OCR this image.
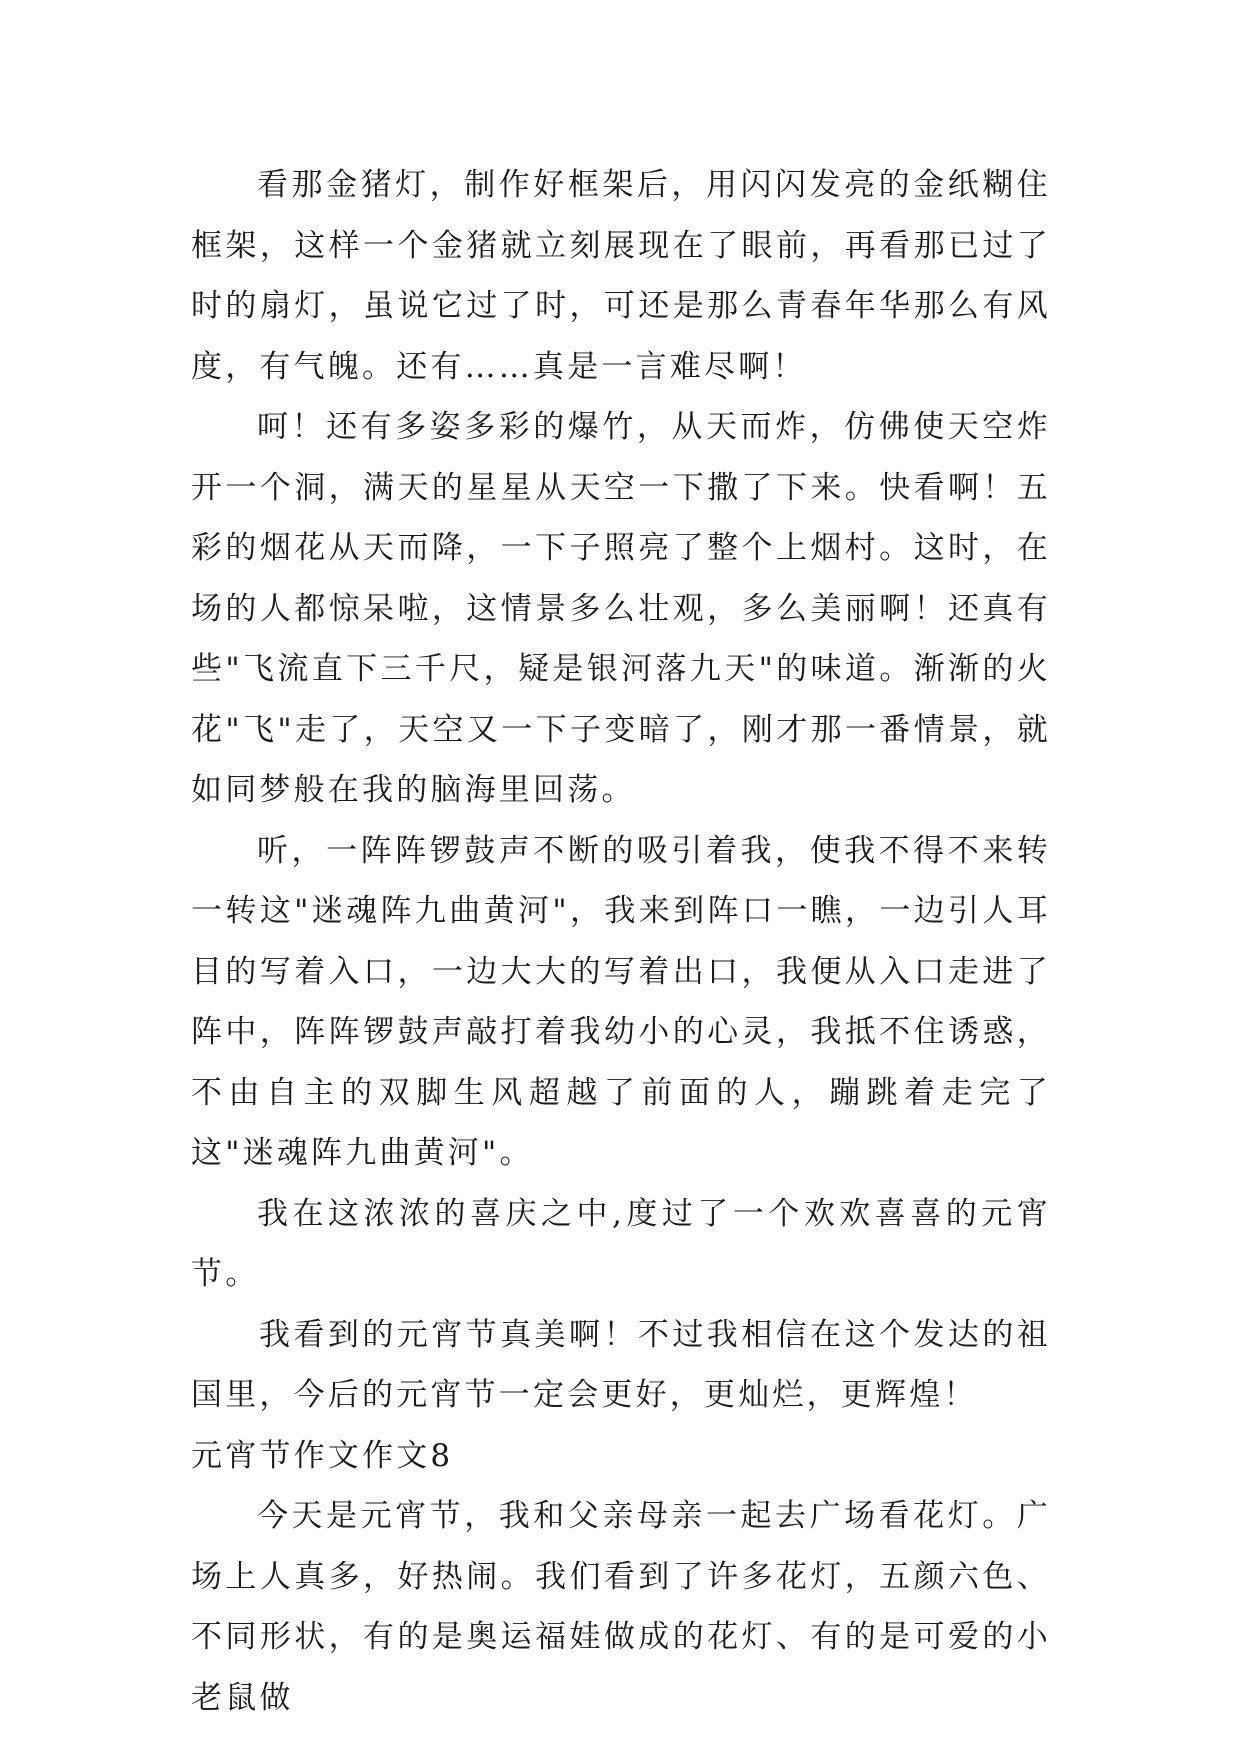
看那金猪灯，制作好框架后，用闪闪发亮的金纸糊住框架，这样一个金猪就立刻展现在了眼前，再看那已过了时的扇灯，虽说它过了时，可还是那么青春年华那么有风度，有气魄。还有……真是一言难尽啊！

呵！还有多姿多彩的爆竹，从天而炸，仿佛使天空炸开一个洞，满天的星星从天空一下撒了下来。快看啊！五彩的烟花从天而降，一下子照亮了整个上烟村。这时，在场的人都惊呆啦，这情景多么壮观，多么美丽啊！还真有些"飞流直下三千尺，疑是银河落九天"的味道。渐渐的火花"飞"走了，天空又一下子变暗了，刚才那一番情景，就如同梦般在我的脑海里回荡。

听，一阵阵锣鼓声不断的吸引着我，使我不得不来转一转这"迷魂阵九曲黄河"，我来到阵口一瞧，一边引人耳目的写着入口，一边大大的写着出口，我便从入口走进了阵中，阵阵锣鼓声敲打着我幼小的心灵，我抵不住诱惑，不由自主的双脚生风超越了前面的人，蹦跳着走完了这"迷魂阵九曲黄河"。

我在这浓浓的喜庆之中,度过了一个欢欢喜喜的元宵节。

我看到的元宵节真美啊！不过我相信在这个发达的祖国里，今后的元宵节一定会更好，更灿烂，更辉煌！

元宵节作文作文8

今天是元宵节，我和父亲母亲一起去广场看花灯。广场上人真多，好热闹。我们看到了许多花灯，五颜六色、不同形状，有的是奥运福娃做成的花灯、有的是可爱的小老鼠做
